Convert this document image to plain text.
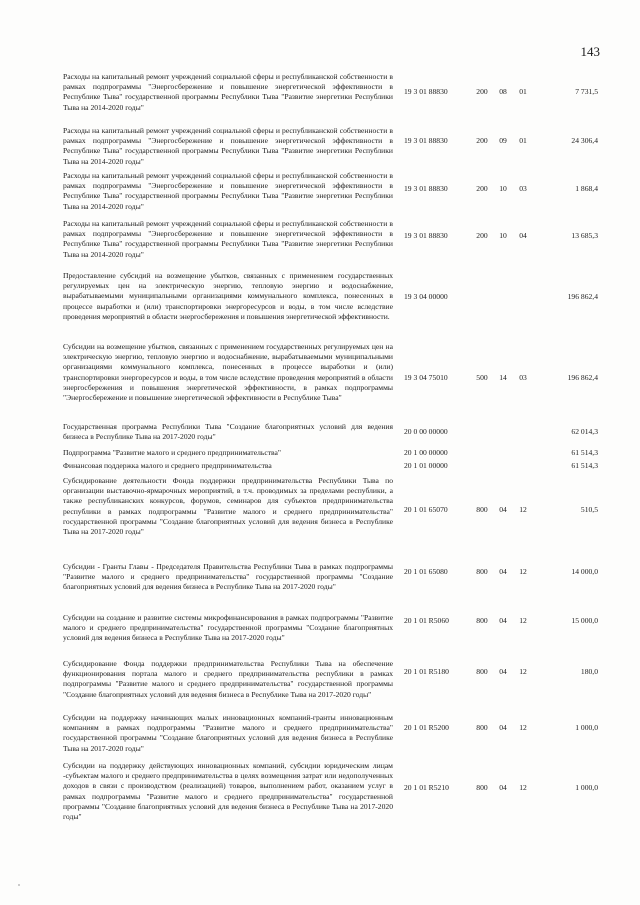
143
Расходы на капитальный ремонт учреждений социальной сферы и республиканской собственности в рамках подпрограммы "Энергосбережение и повышение энергетической эффективности в Республике Тыва" государственной программы Республики Тыва "Развитие энергетики Республики Тыва на 2014-2020 годы"
19 3 01 88830	200	08	01	7 731,5
Расходы на капитальный ремонт учреждений социальной сферы и республиканской собственности в рамках подпрограммы "Энергосбережение и повышение энергетической эффективности в Республике Тыва" государственной программы Республики Тыва "Развитие энергетики Республики Тыва на 2014-2020 годы"
19 3 01 88830	200	09	01	24 306,4
Расходы на капитальный ремонт учреждений социальной сферы и республиканской собственности в рамках подпрограммы "Энергосбережение и повышение энергетической эффективности в Республике Тыва" государственной программы Республики Тыва "Развитие энергетики Республики Тыва на 2014-2020 годы"
19 3 01 88830	200	10	03	1 868,4
Расходы на капитальный ремонт учреждений социальной сферы и республиканской собственности в рамках подпрограммы "Энергосбережение и повышение энергетической эффективности в Республике Тыва" государственной программы Республики Тыва "Развитие энергетики Республики Тыва на 2014-2020 годы"
19 3 01 88830	200	10	04	13 685,3
Предоставление субсидий на возмещение убытков, связанных с применением государственных регулируемых цен на электрическую энергию, тепловую энергию и водоснабжение, вырабатываемыми муниципальными организациями коммунального комплекса, понесенных в процессе выработки и (или) транспортировки энергоресурсов и воды, в том числе вследствие проведения мероприятий в области энергосбережения и повышения энергетической эффективности.
19 3 04 00000	196 862,4
Субсидии на возмещение убытков, связанных с применением государственных регулируемых цен на электрическую энергию, тепловую энергию и водоснабжение, вырабатываемыми муниципальными организациями коммунального комплекса, понесенных в процессе выработки и (или) транспортировки энергоресурсов и воды, в том числе вследствие проведения мероприятий в области энергосбережения и повышения энергетической эффективности, в рамках подпрограммы "Энергосбережение и повышение энергетической эффективности в Республике Тыва"
19 3 04 75010	500	14	03	196 862,4
Государственная программа Республики Тыва "Создание благоприятных условий для ведения бизнеса в Республике Тыва на 2017-2020 годы"
20 0 00 00000	62 014,3
Подпрограмма "Развитие малого и среднего предпринимательства"	20 1 00 00000	61 514,3
Финансовая поддержка малого и среднего предпринимательства	20 1 01 00000	61 514,3
Субсидирование деятельности Фонда поддержки предпринимательства Республики Тыва по организации выставочно-ярмарочных мероприятий, в т.ч. проводимых за пределами республики, а также республиканских конкурсов, форумов, семинаров для субъектов предпринимательства республики в рамках подпрограммы "Развитие малого и среднего предпринимательства" государственной программы "Создание благоприятных условий для ведения бизнеса в Республике Тыва на 2017-2020 годы"
20 1 01 65070	800	04	12	510,5
Субсидии - Гранты Главы - Председателя Правительства Республики Тыва в рамках подпрограммы "Развитие малого и среднего предпринимательства" государственной программы "Создание благоприятных условий для ведения бизнеса в Республике Тыва на 2017-2020 годы"
20 1 01 65080	800	04	12	14 000,0
Субсидии на создание и развитие системы микрофинансирования в рамках подпрограммы "Развитие малого и среднего предпринимательства" государственной программы "Создание благоприятных условий для ведения бизнеса в Республике Тыва на 2017-2020 годы"
20 1 01 R5060	800	04	12	15 000,0
Субсидирование Фонда поддержки предпринимательства Республики Тыва на обеспечение функционирования портала малого и среднего предпринимательства республики в рамках подпрограммы "Развитие малого и среднего предпринимательства" государственной программы "Создание благоприятных условий для ведения бизнеса в Республике Тыва на 2017-2020 годы"
20 1 01 R5180	800	04	12	180,0
Субсидии на поддержку начинающих малых инновационных компаний-гранты инновационным компаниям в рамках подпрограммы "Развитие малого и среднего предпринимательства" государственной программы "Создание благоприятных условий для ведения бизнеса в Республике Тыва на 2017-2020 годы"
20 1 01 R5200	800	04	12	1 000,0
Субсидии на поддержку действующих инновационных компаний, субсидии юридическим лицам -субъектам малого и среднего предпринимательства в целях возмещения затрат или недополученных доходов в связи с производством (реализацией) товаров, выполнением работ, оказанием услуг в рамках подпрограммы "Развитие малого и среднего предпринимательства" государственной программы "Создание благоприятных условий для ведения бизнеса в Республике Тыва на 2017-2020 годы"
20 1 01 R5210	800	04	12	1 000,0
